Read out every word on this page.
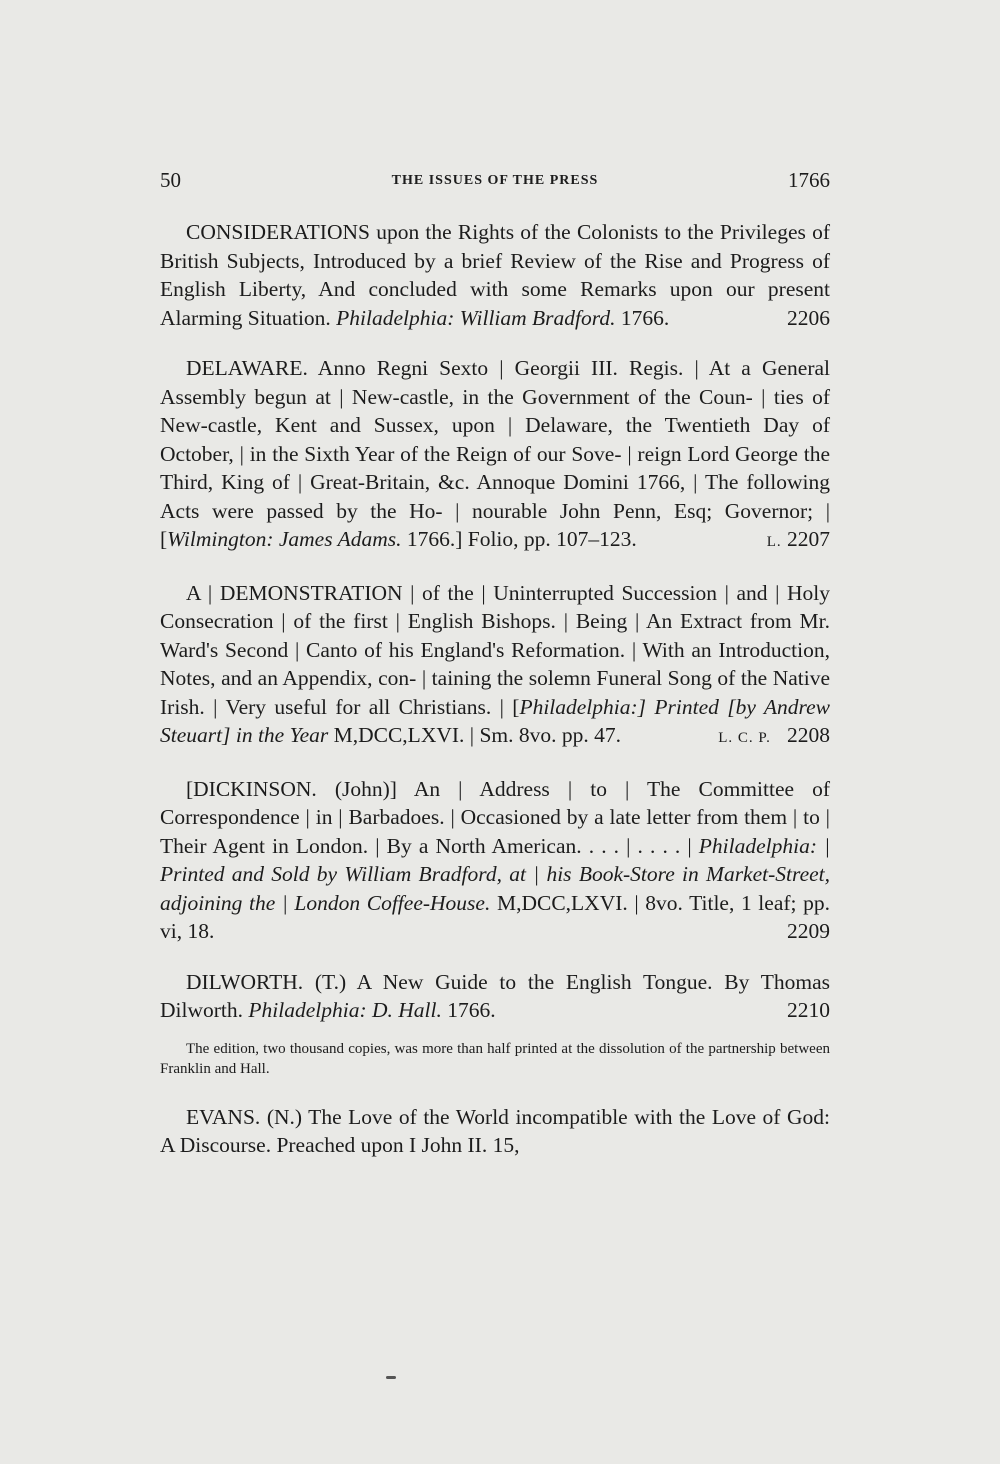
50	THE ISSUES OF THE PRESS	1766

CONSIDERATIONS upon the Rights of the Colonists to the Privileges of British Subjects, Introduced by a brief Review of the Rise and Progress of English Liberty, And concluded with some Remarks upon our present Alarming Situation. Philadelphia: William Bradford. 1766.	2206

DELAWARE. Anno Regni Sexto | Georgii III. Regis. | At a General Assembly begun at | New-castle, in the Government of the Coun- | ties of New-castle, Kent and Sussex, upon | Delaware, the Twentieth Day of October, | in the Sixth Year of the Reign of our Sove- | reign Lord George the Third, King of | Great-Britain, &c. Annoque Domini 1766, | The following Acts were passed by the Ho- | nourable John Penn, Esq; Governor; | [Wilmington: James Adams. 1766.] Folio, pp. 107–123.	L. 2207

A | DEMONSTRATION | of the | Uninterrupted Succession | and | Holy Consecration | of the first | English Bishops. | Being | An Extract from Mr. Ward's Second | Canto of his England's Reformation. | With an Introduction, Notes, and an Appendix, con- | taining the solemn Funeral Song of the Native Irish. | Very useful for all Christians. | [Philadelphia:] Printed [by Andrew Steuart] in the Year M,DCC,LXVI. | Sm. 8vo. pp. 47.	L. C. P. 2208

[DICKINSON. (John)] An | Address | to | The Committee of Correspondence | in | Barbadoes. | Occasioned by a late letter from them | to | Their Agent in London. | By a North American. . . . | . . . . | Philadelphia: | Printed and Sold by William Bradford, at | his Book-Store in Market-Street, adjoining the | London Coffee-House. M,DCC,LXVI. | 8vo. Title, 1 leaf; pp. vi, 18.	2209

DILWORTH. (T.) A New Guide to the English Tongue. By Thomas Dilworth. Philadelphia: D. Hall. 1766.	2210

The edition, two thousand copies, was more than half printed at the dissolution of the partnership between Franklin and Hall.

EVANS. (N.) The Love of the World incompatible with the Love of God: A Discourse. Preached upon I John II. 15,
